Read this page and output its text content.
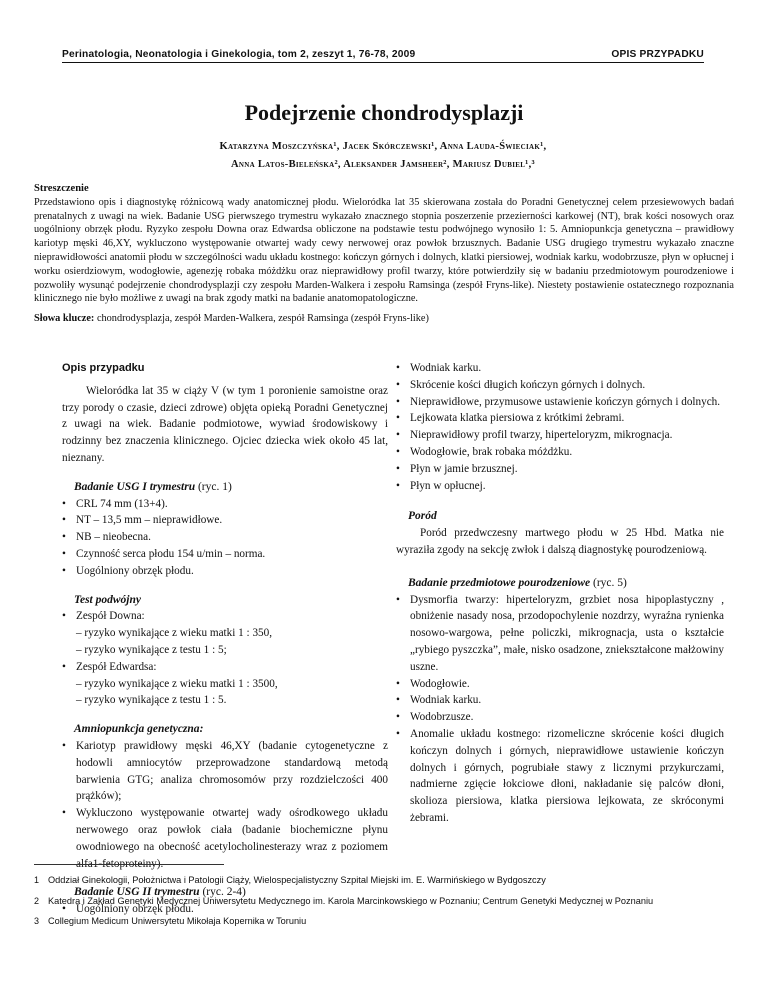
Perinatologia, Neonatologia i Ginekologia, tom 2, zeszyt 1, 76-78, 2009	OPIS PRZYPADKU
Podejrzenie chondrodysplazji
Katarzyna Moszczyńska¹, Jacek Skórczewski¹, Anna Lauda-Świeciak¹,
Anna Latos-Bieleńska², Aleksander Jamsheer², Mariusz Dubiel¹,³
Streszczenie

Przedstawiono opis i diagnostykę różnicową wady anatomicznej płodu. Wieloródka lat 35 skierowana została do Poradni Genetycznej celem przesiewowych badań prenatalnych z uwagi na wiek. Badanie USG pierwszego trymestru wykazało znacznego stopnia poszerzenie przezierności karkowej (NT), brak kości nosowych oraz uogólniony obrzęk płodu. Ryzyko zespołu Downa oraz Edwardsa obliczone na podstawie testu podwójnego wynosiło 1: 5. Amniopunkcja genetyczna – prawidłowy kariotyp męski 46,XY, wykluczono występowanie otwartej wady cewy nerwowej oraz powłok brzusznych. Badanie USG drugiego trymestru wykazało znaczne nieprawidłowości anatomii płodu w szczególności wadu układu kostnego: kończyn górnych i dolnych, klatki piersiowej, wodniak karku, wodobrzusze, płyn w opłucnej i worku osierdziowym, wodogłowie, agenezję robaka móżdżku oraz nieprawidłowy profil twarzy, które potwierdziły się w badaniu przedmiotowym pourodzeniowe i pozwoliły wysunąć podejrzenie chondrodysplazji czy zespołu Marden-Walkera i zespołu Ramsinga (zespół Fryns-like). Niestety postawienie ostatecznego rozpoznania klinicznego nie było możliwe z uwagi na brak zgody matki na badanie anatomopatologiczne.

Słowa klucze: chondrodysplazja, zespół Marden-Walkera, zespół Ramsinga (zespół Fryns-like)
Opis przypadku

Wieloródka lat 35 w ciąży V (w tym 1 poronienie samoistne oraz trzy porody o czasie, dzieci zdrowe) objęta opieką Poradni Genetycznej z uwagi na wiek. Badanie podmiotowe, wywiad środowiskowy i rodzinny bez znaczenia klinicznego. Ojciec dziecka wiek około 45 lat, nieznany.

Badanie USG I trymestru (ryc. 1)
• CRL 74 mm (13+4).
• NT – 13,5 mm – nieprawidłowe.
• NB – nieobecna.
• Czynność serca płodu 154 u/min – norma.
• Uogólniony obrzęk płodu.
Test podwójny
• Zespół Downa:
– ryzyko wynikające z wieku matki 1 : 350,
– ryzyko wynikające z testu 1 : 5;
• Zespół Edwardsa:
– ryzyko wynikające z wieku matki 1 : 3500,
– ryzyko wynikające z testu 1 : 5.
Amniopunkcja genetyczna:
• Kariotyp prawidłowy męski 46,XY (badanie cytogenetyczne z hodowli amniocytów przeprowadzone standardową metodą barwienia GTG; analiza chromosomów przy rozdzielczości 400 prążków);
• Wykluczono występowanie otwartej wady ośrodkowego układu nerwowego oraz powłok ciała (badanie biochemiczne płynu owodniowego na obecność acetylocholinesterazy wraz z poziomem alfa1-fetoproteiny).
Badanie USG II trymestru (ryc. 2-4)
• Uogólniony obrzęk płodu.
• Wodniak karku.
• Skrócenie kości długich kończyn górnych i dolnych.
• Nieprawidłowe, przymusowe ustawienie kończyn górnych i dolnych.
• Lejkowata klatka piersiowa z krótkimi żebrami.
• Nieprawidłowy profil twarzy, hiperteloryzm, mikrognacja.
• Wodogłowie, brak robaka móżdżku.
• Płyn w jamie brzusznej.
• Płyn w opłucnej.
Poród

Poród przedwczesny martwego płodu w 25 Hbd. Matka nie wyraziła zgody na sekcję zwłok i dalszą diagnostykę pourodzeniową.

Badanie przedmiotowe pourodzeniowe (ryc. 5)
• Dysmorfia twarzy: hiperteloryzm, grzbiet nosa hipoplastyczny , obniżenie nasady nosa, przodopochylenie nozdrzy, wyraźna rynienka nosowo-wargowa, pełne policzki, mikrognacja, usta o kształcie „rybiego pyszczka”, małe, nisko osadzone, zniekształcone małżowiny uszne.
• Wodogłowie.
• Wodniak karku.
• Wodobrzusze.
• Anomalie układu kostnego: rizomeliczne skrócenie kości długich kończyn dolnych i górnych, nieprawidłowe ustawienie kończyn dolnych i górnych, pogrubiałe stawy z licznymi przykurczami, nadmierne zgięcie łokciowe dłoni, nakładanie się palców dłoni, skolioza piersiowa, klatka piersiowa lejkowata, ze skróconymi żebrami.
1 Oddział Ginekologii, Położnictwa i Patologii Ciąży, Wielospecjalistyczny Szpital Miejski im. E. Warmińskiego w Bydgoszczy
2 Katedra i Zakład Genetyki Medycznej Uniwersytetu Medycznego im. Karola Marcinkowskiego w Poznaniu; Centrum Genetyki Medycznej w Poznaniu
3 Collegium Medicum Uniwersytetu Mikołaja Kopernika w Toruniu
